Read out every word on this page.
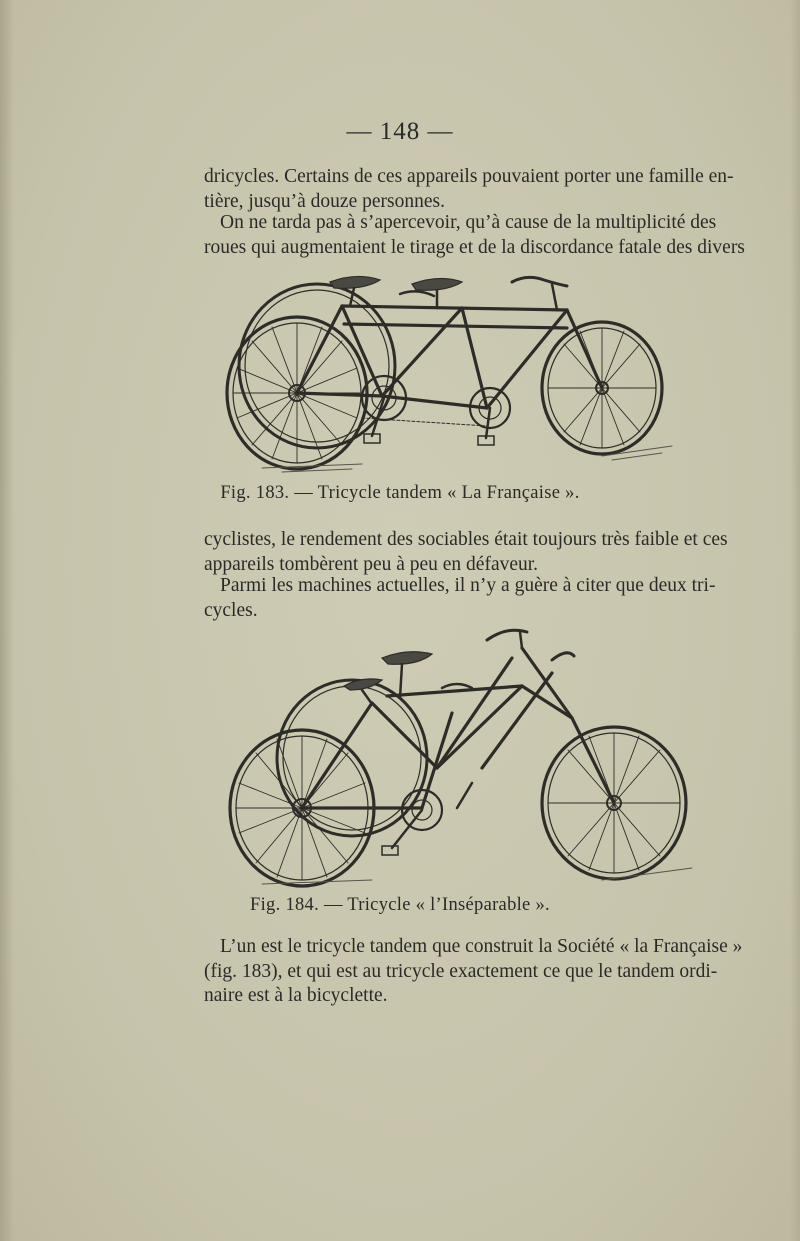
— 148 —

dricycles. Certains de ces appareils pouvaient porter une famille en-
tière, jusqu’à douze personnes.

On ne tarda pas à s’apercevoir, qu’à cause de la multiplicité des
roues qui augmentaient le tirage et de la discordance fatale des divers

Fig. 183. — Tricycle tandem « La Française ».

cyclistes, le rendement des sociables était toujours très faible et ces
appareils tombèrent peu à peu en défaveur.

Parmi les machines actuelles, il n’y a guère à citer que deux tri-
cycles.

Fig. 184. — Tricycle « l’Inséparable ».

L’un est le tricycle tandem que construit la Société « la Française »
(fig. 183), et qui est au tricycle exactement ce que le tandem ordi-
naire est à la bicyclette.
